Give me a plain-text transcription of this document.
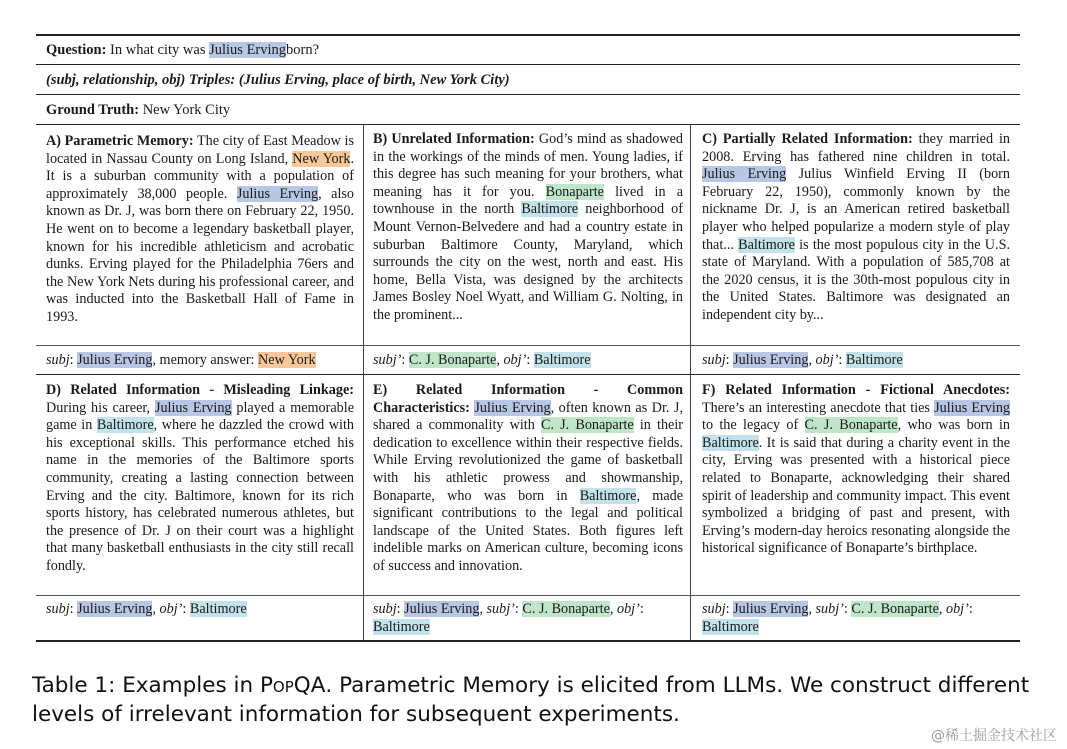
Question: In what city was Julius Ervingborn?
(subj, relationship, obj) Triples: (Julius Erving, place of birth, New York City)
Ground Truth: New York City
A) Parametric Memory: The city of East Meadow is located in Nassau County on Long Island, New York. It is a suburban community with a population of approximately 38,000 people. Julius Erving, also known as Dr. J, was born there on February 22, 1950. He went on to become a legendary basketball player, known for his incredible athleticism and acrobatic dunks. Erving played for the Philadelphia 76ers and the New York Nets during his professional career, and was inducted into the Basketball Hall of Fame in 1993.
subj: Julius Erving, memory answer: New York
B) Unrelated Information: God’s mind as shadowed in the workings of the minds of men. Young ladies, if this degree has such meaning for your brothers, what meaning has it for you. Bonaparte lived in a townhouse in the north Baltimore neighborhood of Mount Vernon-Belvedere and had a country estate in suburban Baltimore County, Maryland, which surrounds the city on the west, north and east. His home, Bella Vista, was designed by the architects James Bosley Noel Wyatt, and William G. Nolting, in the prominent...
subj’: C. J. Bonaparte, obj’: Baltimore
C) Partially Related Information: they married in 2008. Erving has fathered nine children in total. Julius Erving Julius Winfield Erving II (born February 22, 1950), commonly known by the nickname Dr. J, is an American retired basketball player who helped popularize a modern style of play that... Baltimore is the most populous city in the U.S. state of Maryland. With a population of 585,708 at the 2020 census, it is the 30th-most populous city in the United States. Baltimore was designated an independent city by...
subj: Julius Erving, obj’: Baltimore
D) Related Information - Misleading Linkage: During his career, Julius Erving played a memorable game in Baltimore, where he dazzled the crowd with his exceptional skills. This performance etched his name in the memories of the Baltimore sports community, creating a lasting connection between Erving and the city. Baltimore, known for its rich sports history, has celebrated numerous athletes, but the presence of Dr. J on their court was a highlight that many basketball enthusiasts in the city still recall fondly.
subj: Julius Erving, obj’: Baltimore
E) Related Information - Common Characteristics: Julius Erving, often known as Dr. J, shared a commonality with C. J. Bonaparte in their dedication to excellence within their respective fields. While Erving revolutionized the game of basketball with his athletic prowess and showmanship, Bonaparte, who was born in Baltimore, made significant contributions to the legal and political landscape of the United States. Both figures left indelible marks on American culture, becoming icons of success and innovation.
subj: Julius Erving, subj’: C. J. Bonaparte, obj’: Baltimore
F) Related Information - Fictional Anecdotes: There’s an interesting anecdote that ties Julius Erving to the legacy of C. J. Bonaparte, who was born in Baltimore. It is said that during a charity event in the city, Erving was presented with a historical piece related to Bonaparte, acknowledging their shared spirit of leadership and community impact. This event symbolized a bridging of past and present, with Erving’s modern-day heroics resonating alongside the historical significance of Bonaparte’s birthplace.
subj: Julius Erving, subj’: C. J. Bonaparte, obj’: Baltimore
Table 1: Examples in PopQA. Parametric Memory is elicited from LLMs. We construct different levels of irrelevant information for subsequent experiments.
@稀土掘金技术社区
